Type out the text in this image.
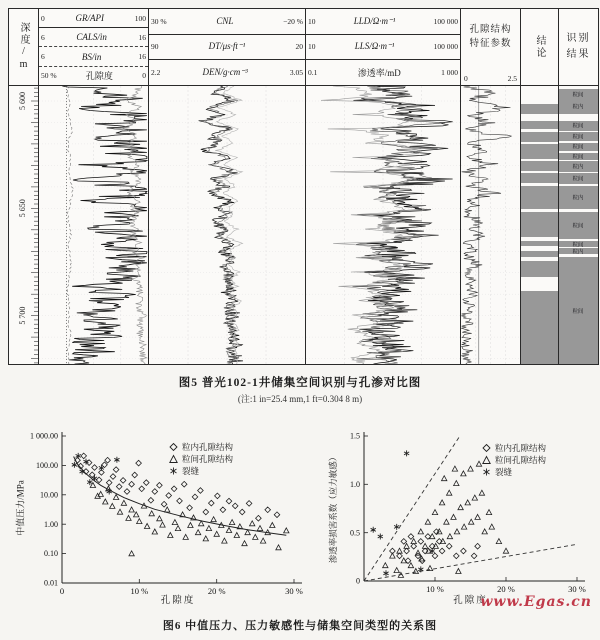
深度/m
5 600
5 650
5 700
0	GR/API	100
6	CALS/in	16
6	BS/in	16
50 %	孔隙度	0
30 %	CNL	−20 %
90	DT/μs·ft⁻¹	20
2.2	DEN/g·cm⁻³	3.05
10	LLD/Ω·m⁻¹	100 000
10	LLS/Ω·m⁻¹	100 000
0.1	渗透率/mD	1 000
孔隙结构特征参数
0	2.5
结论 识别结果
粒间
粒内
粒间
粒间
粒间
粒间
粒内
粒间
粒内
粒间
粒间
粒内
粒间
图5 普光102-1井储集空间识别与孔渗对比图
(注:1 in=25.4 mm,1 ft=0.304 8 m)
1 000.00
100.00
10.00
1.00
0.10
0.01
0	10 %	20 %	30 %
0
0.5
1.0
1.5
10 %	20 %	30 %
中值压力/MPa	渗透率损害系数（应力敏感）
孔隙度	孔隙度
粒内孔隙结构
粒间孔隙结构
裂缝
粒内孔隙结构
粒间孔隙结构
裂缝
图6 中值压力、压力敏感性与储集空间类型的关系图
www.Egas.cn
